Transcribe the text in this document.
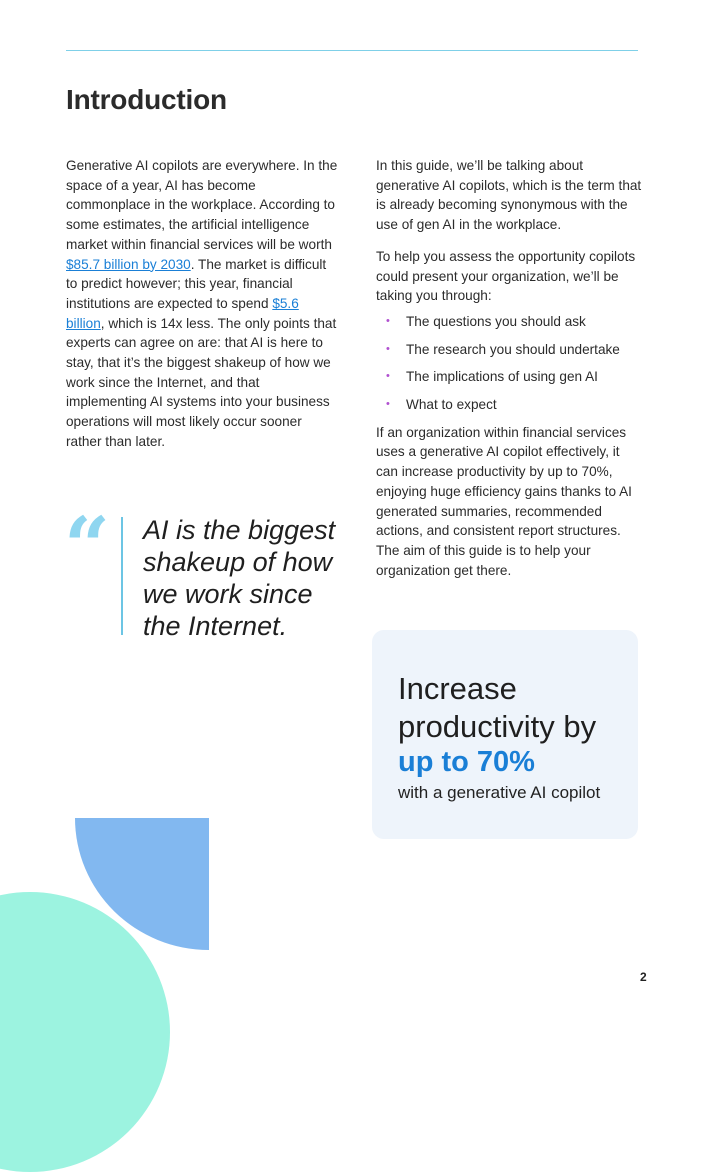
Introduction

Generative AI copilots are everywhere. In the space of a year, AI has become commonplace in the workplace. According to some estimates, the artificial intelligence market within financial services will be worth $85.7 billion by 2030. The market is difficult to predict however; this year, financial institutions are expected to spend $5.6 billion, which is 14x less. The only points that experts can agree on are: that AI is here to stay, that it’s the biggest shakeup of how we work since the Internet, and that implementing AI systems into your business operations will most likely occur sooner rather than later.

“ AI is the biggest shakeup of how we work since the Internet.

In this guide, we’ll be talking about generative AI copilots, which is the term that is already becoming synonymous with the use of gen AI in the workplace.

To help you assess the opportunity copilots could present your organization, we’ll be taking you through:

• The questions you should ask
• The research you should undertake
• The implications of using gen AI
• What to expect

If an organization within financial services uses a generative AI copilot effectively, it can increase productivity by up to 70%, enjoying huge efficiency gains thanks to AI generated summaries, recommended actions, and consistent report structures. The aim of this guide is to help your organization get there.

Increase productivity by
up to 70%
with a generative AI copilot
2
